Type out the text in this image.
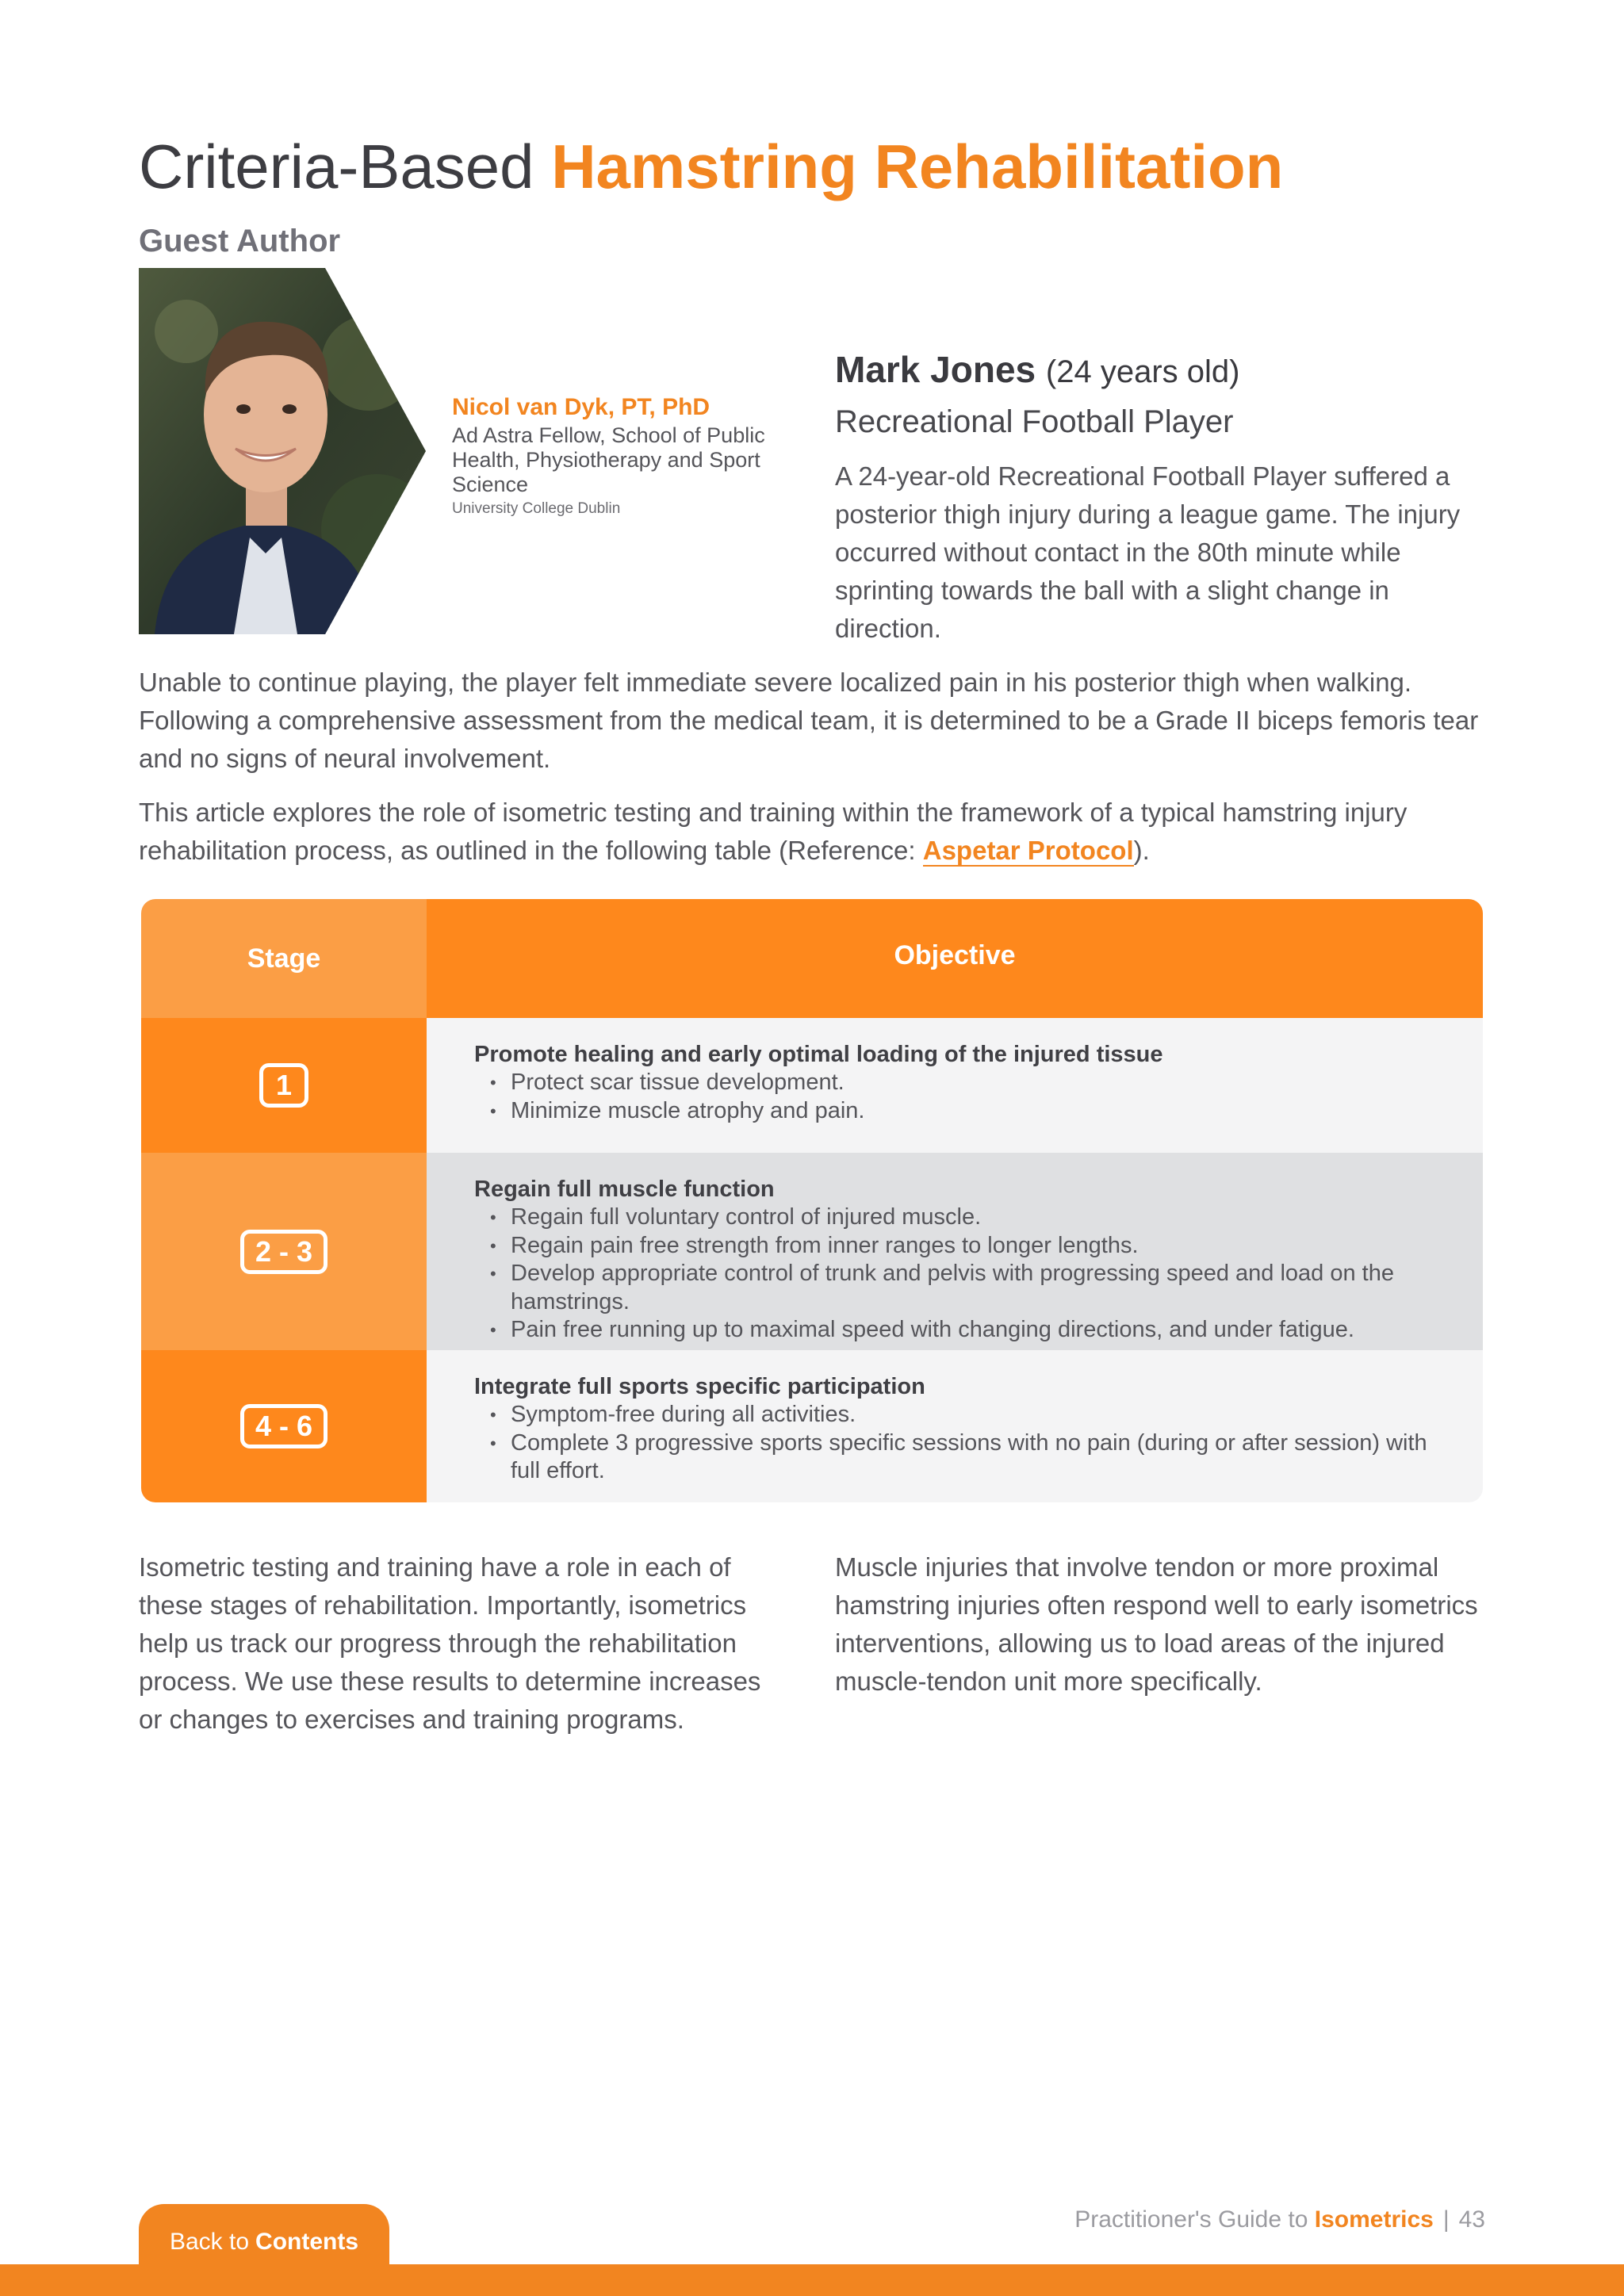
Criteria-Based Hamstring Rehabilitation
Guest Author
Nicol van Dyk, PT, PhD
Ad Astra Fellow, School of Public Health, Physiotherapy and Sport Science
University College Dublin
Mark Jones (24 years old)
Recreational Football Player

A 24-year-old Recreational Football Player suffered a posterior thigh injury during a league game. The injury occurred without contact in the 80th minute while sprinting towards the ball with a slight change in direction.

Unable to continue playing, the player felt immediate severe localized pain in his posterior thigh when walking. Following a comprehensive assessment from the medical team, it is determined to be a Grade II biceps femoris tear and no signs of neural involvement.

This article explores the role of isometric testing and training within the framework of a typical hamstring injury rehabilitation process, as outlined in the following table (Reference: Aspetar Protocol).

Stage	Objective
1
Promote healing and early optimal loading of the injured tissue
• Protect scar tissue development.
• Minimize muscle atrophy and pain.
2 - 3
Regain full muscle function
• Regain full voluntary control of injured muscle.
• Regain pain free strength from inner ranges to longer lengths.
• Develop appropriate control of trunk and pelvis with progressing speed and load on the hamstrings.
• Pain free running up to maximal speed with changing directions, and under fatigue.
4 - 6
Integrate full sports specific participation
• Symptom-free during all activities.
• Complete 3 progressive sports specific sessions with no pain (during or after session) with full effort.

Isometric testing and training have a role in each of these stages of rehabilitation. Importantly, isometrics help us track our progress through the rehabilitation process. We use these results to determine increases or changes to exercises and training programs.

Muscle injuries that involve tendon or more proximal hamstring injuries often respond well to early isometrics interventions, allowing us to load areas of the injured muscle-tendon unit more specifically.

Practitioner's Guide to Isometrics | 43
Back to Contents
